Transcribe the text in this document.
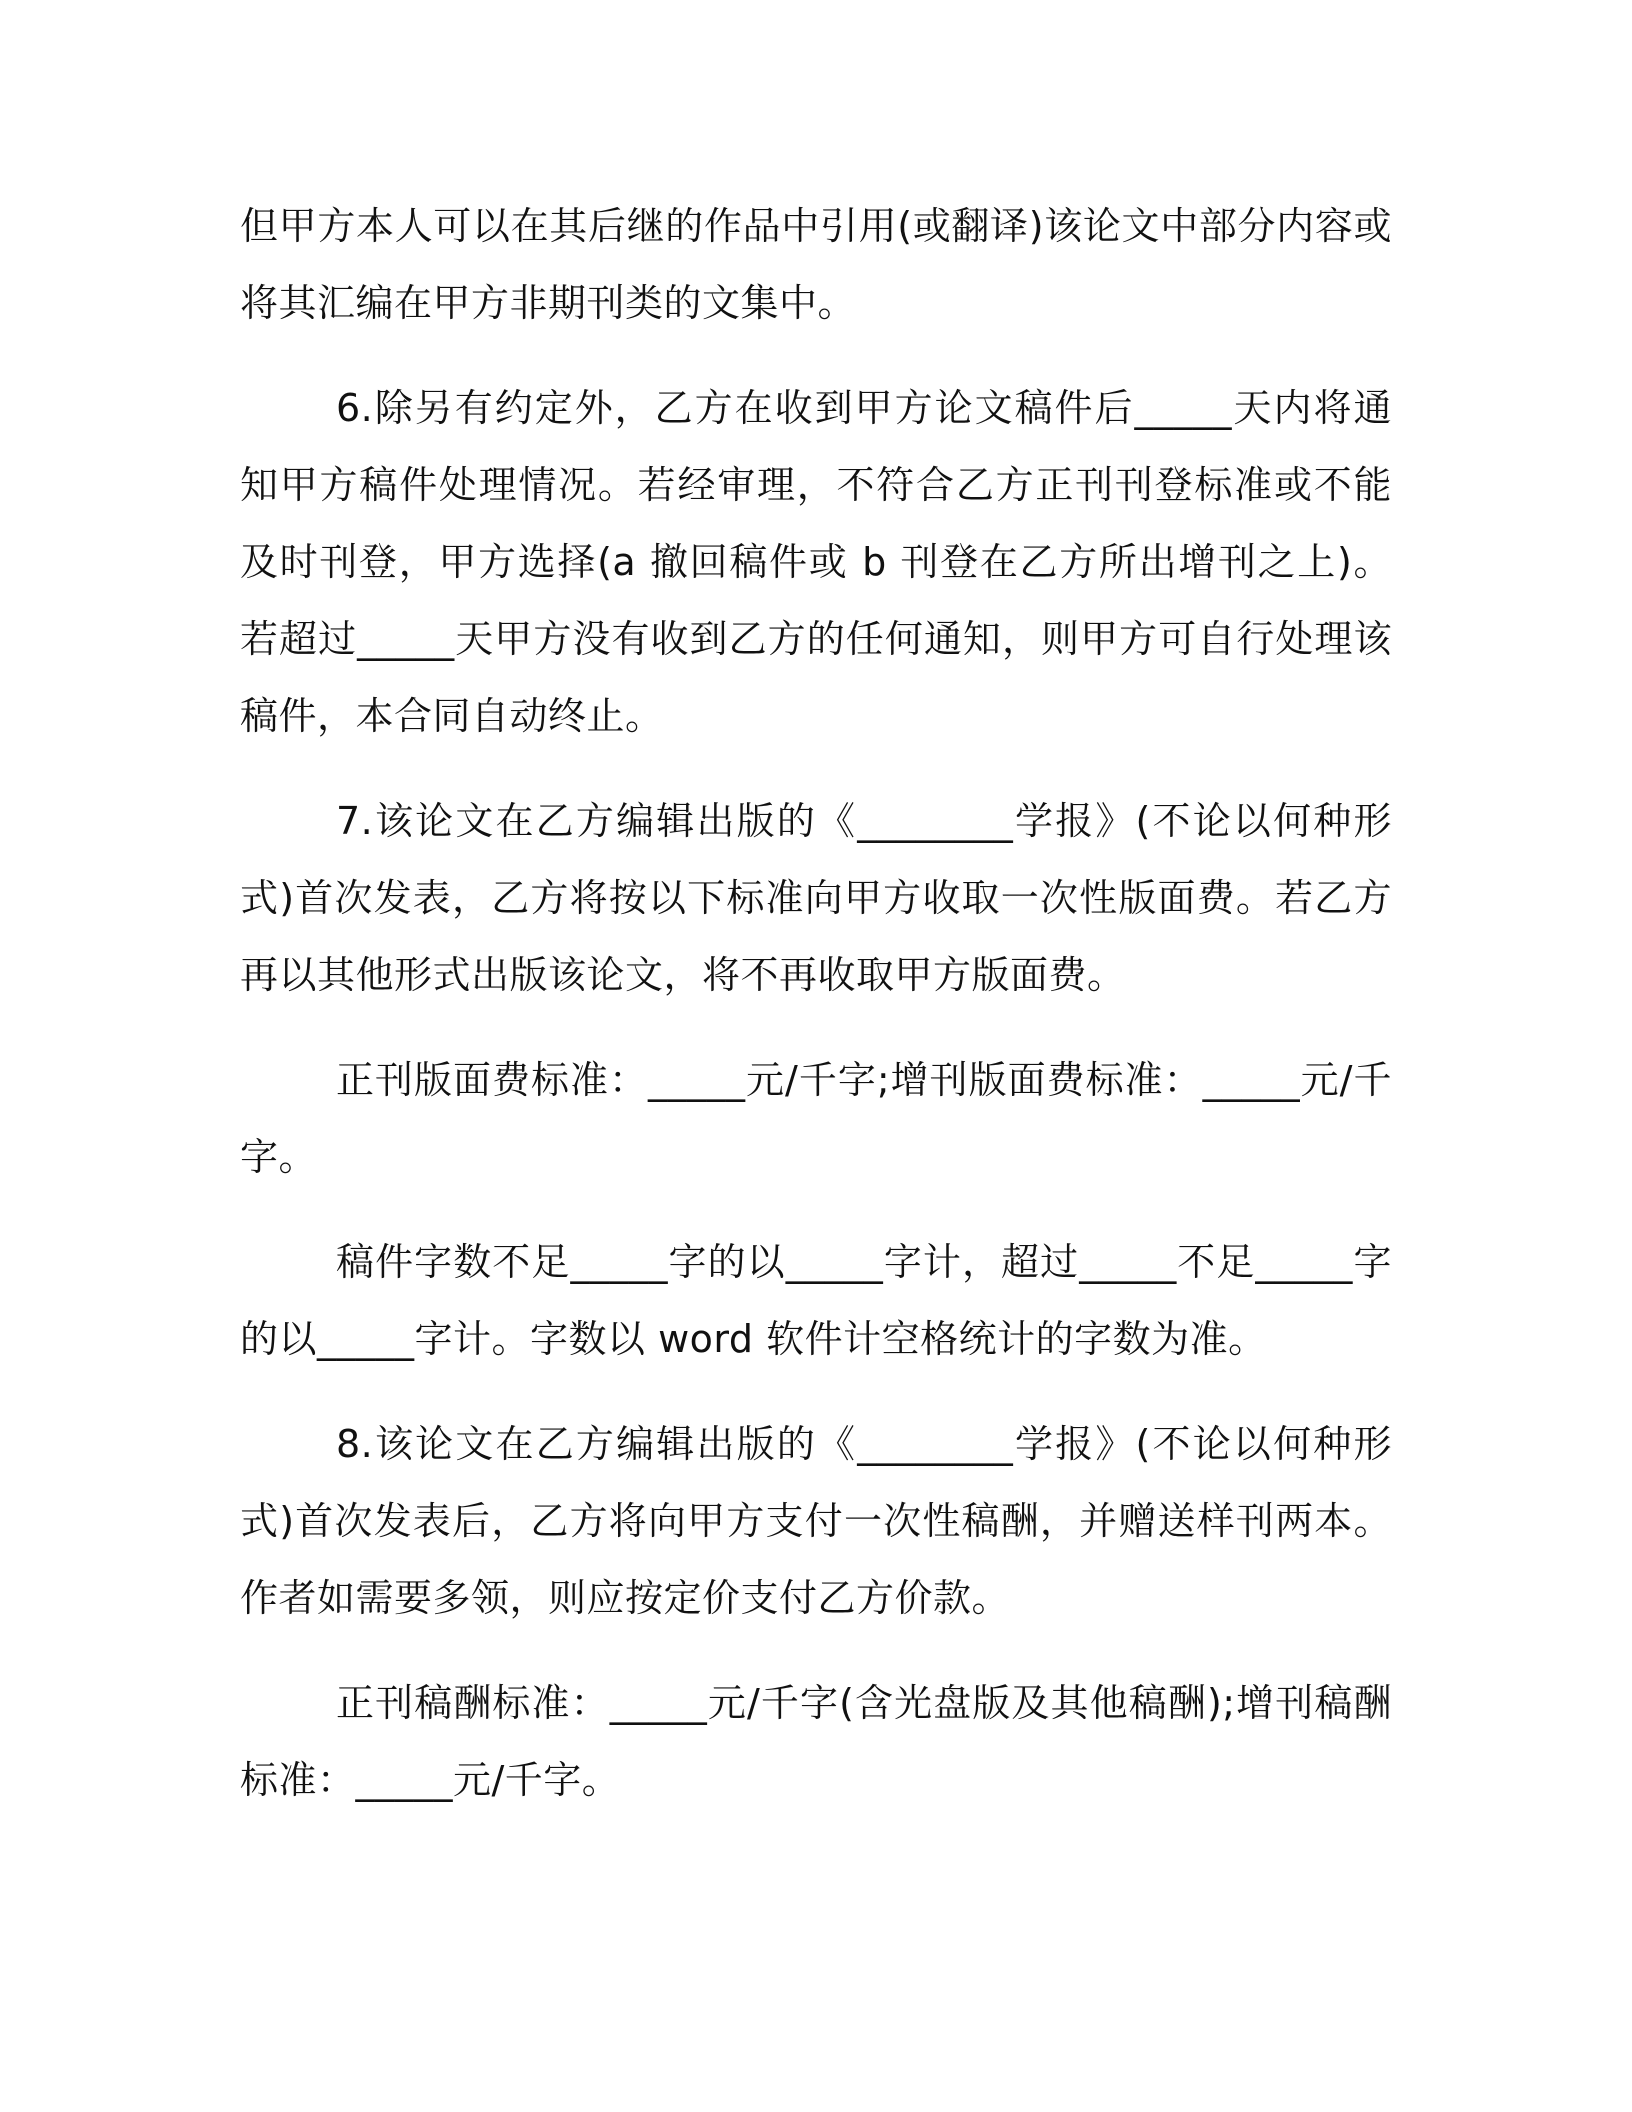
但甲方本人可以在其后继的作品中引用(或翻译)该论文中部分内容或将其汇编在甲方非期刊类的文集中。

6.除另有约定外，乙方在收到甲方论文稿件后_____天内将通知甲方稿件处理情况。若经审理，不符合乙方正刊刊登标准或不能及时刊登，甲方选择(a 撤回稿件或 b 刊登在乙方所出增刊之上)。若超过_____天甲方没有收到乙方的任何通知，则甲方可自行处理该稿件，本合同自动终止。

7.该论文在乙方编辑出版的《________学报》(不论以何种形式)首次发表，乙方将按以下标准向甲方收取一次性版面费。若乙方再以其他形式出版该论文，将不再收取甲方版面费。

正刊版面费标准：_____元/千字;增刊版面费标准：_____元/千字。

稿件字数不足_____字的以_____字计，超过_____不足_____字的以_____字计。字数以 word 软件计空格统计的字数为准。

8.该论文在乙方编辑出版的《________学报》(不论以何种形式)首次发表后，乙方将向甲方支付一次性稿酬，并赠送样刊两本。作者如需要多领，则应按定价支付乙方价款。

正刊稿酬标准：_____元/千字(含光盘版及其他稿酬);增刊稿酬标准：_____元/千字。
